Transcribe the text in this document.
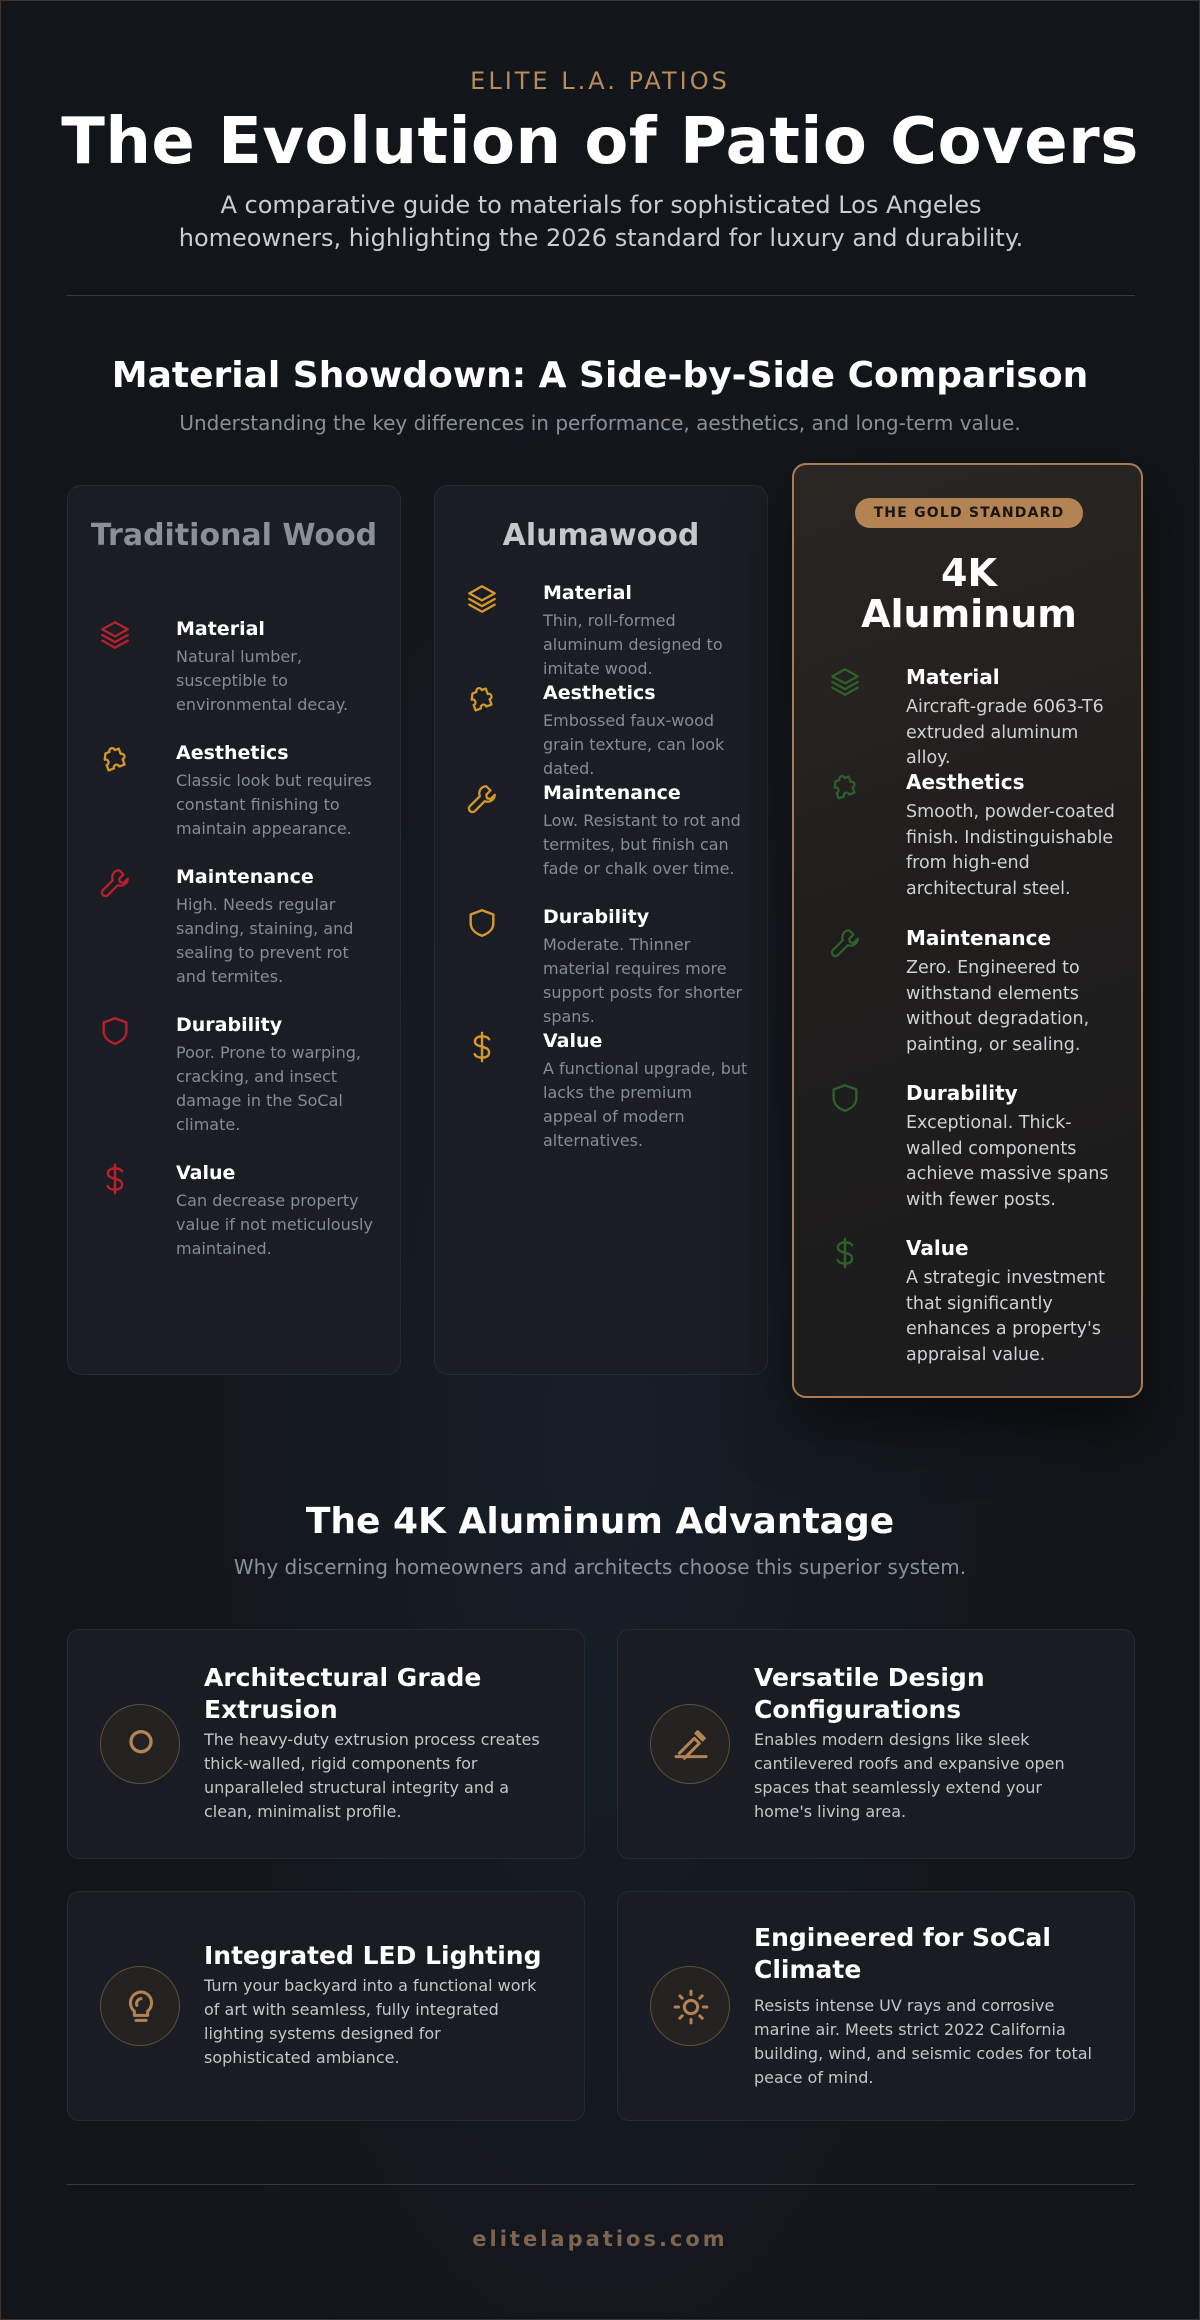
ELITE L.A. PATIOS
The Evolution of Patio Covers
A comparative guide to materials for sophisticated Los Angeles homeowners, highlighting the 2026 standard for luxury and durability.
Material Showdown: A Side-by-Side Comparison
Understanding the key differences in performance, aesthetics, and long-term value.
Traditional Wood
Material
Natural lumber, susceptible to environmental decay.
Aesthetics
Classic look but requires constant finishing to maintain appearance.
Maintenance
High. Needs regular sanding, staining, and sealing to prevent rot and termites.
Durability
Poor. Prone to warping, cracking, and insect damage in the SoCal climate.
Value
Can decrease property value if not meticulously maintained.
Alumawood
Material
Thin, roll-formed aluminum designed to imitate wood.
Aesthetics
Embossed faux-wood grain texture, can look dated.
Maintenance
Low. Resistant to rot and termites, but finish can fade or chalk over time.
Durability
Moderate. Thinner material requires more support posts for shorter spans.
Value
A functional upgrade, but lacks the premium appeal of modern alternatives.
THE GOLD STANDARD
4K Aluminum
Material
Aircraft-grade 6063-T6 extruded aluminum alloy.
Aesthetics
Smooth, powder-coated finish. Indistinguishable from high-end architectural steel.
Maintenance
Zero. Engineered to withstand elements without degradation, painting, or sealing.
Durability
Exceptional. Thick-walled components achieve massive spans with fewer posts.
Value
A strategic investment that significantly enhances a property's appraisal value.
The 4K Aluminum Advantage
Why discerning homeowners and architects choose this superior system.
Architectural Grade Extrusion
The heavy-duty extrusion process creates thick-walled, rigid components for unparalleled structural integrity and a clean, minimalist profile.
Versatile Design Configurations
Enables modern designs like sleek cantilevered roofs and expansive open spaces that seamlessly extend your home's living area.
Integrated LED Lighting
Turn your backyard into a functional work of art with seamless, fully integrated lighting systems designed for sophisticated ambiance.
Engineered for SoCal Climate
Resists intense UV rays and corrosive marine air. Meets strict 2022 California building, wind, and seismic codes for total peace of mind.
elitelapatios.com
